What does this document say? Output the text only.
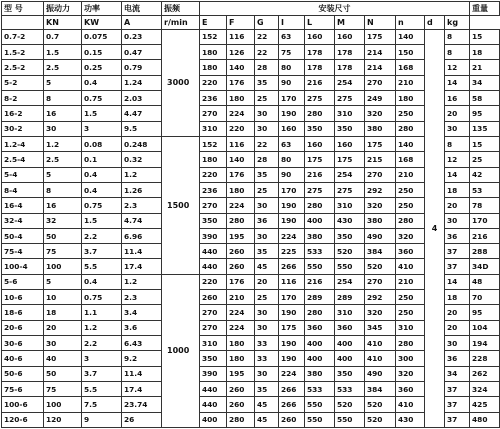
型 号	振动力	功率	电流	振频	安装尺寸										重量
	KN	KW	A	r/min	E	F	G	I	L	M	N	n	d	kg	
0.7-2	0.7	0.075	0.23	3000	152	116	22	63	160	160	175	140	4	8	15
1.5-2	1.5	0.15	0.47		180	126	22	75	178	178	214	150		8	18
2.5-2	2.5	0.25	0.79		180	140	28	80	178	178	214	168		12	21
5-2	5	0.4	1.24		220	176	35	90	216	254	270	210		14	34
8-2	8	0.75	2.03		236	180	25	170	275	275	249	180		16	58
16-2	16	1.5	4.47		270	224	30	190	280	310	320	250		20	95
30-2	30	3	9.5		310	220	30	160	350	350	380	280		30	135
1.2-4	1.2	0.08	0.248	1500	152	116	22	63	160	160	175	140		8	15
2.5-4	2.5	0.1	0.32		180	140	28	80	175	175	215	168		12	25
5-4	5	0.4	1.2		220	176	35	90	216	254	270	210		14	42
8-4	8	0.4	1.26		236	180	25	170	275	275	292	250		18	53
16-4	16	0.75	2.3		270	224	30	190	280	310	320	250		20	78
32-4	32	1.5	4.74		350	280	36	190	400	430	380	280		30	170
50-4	50	2.2	6.96		390	195	30	224	380	350	490	320		36	216
75-4	75	3.7	11.4		440	260	35	225	533	520	384	360		37	288
100-4	100	5.5	17.4		440	260	45	266	550	550	520	410		37	34D
5-6	5	0.4	1.2	1000	220	176	20	116	216	254	270	210		14	48
10-6	10	0.75	2.3		260	210	25	170	289	289	292	250		18	70
18-6	18	1.1	3.4		270	224	30	190	280	310	320	250		20	95
20-6	20	1.2	3.6		270	224	30	175	360	360	345	310		20	104
30-6	30	2.2	6.43		310	180	33	190	400	400	410	280		30	194
40-6	40	3	9.2		350	180	33	190	400	400	410	300		36	228
50-6	50	3.7	11.4		390	195	30	224	380	350	490	320		34	262
75-6	75	5.5	17.4		440	260	35	266	533	533	384	360		37	324
100-6	100	7.5	23.74		440	260	45	266	550	520	520	410		37	425
120-6	120	9	26		400	280	45	260	550	550	520	430		37	480
